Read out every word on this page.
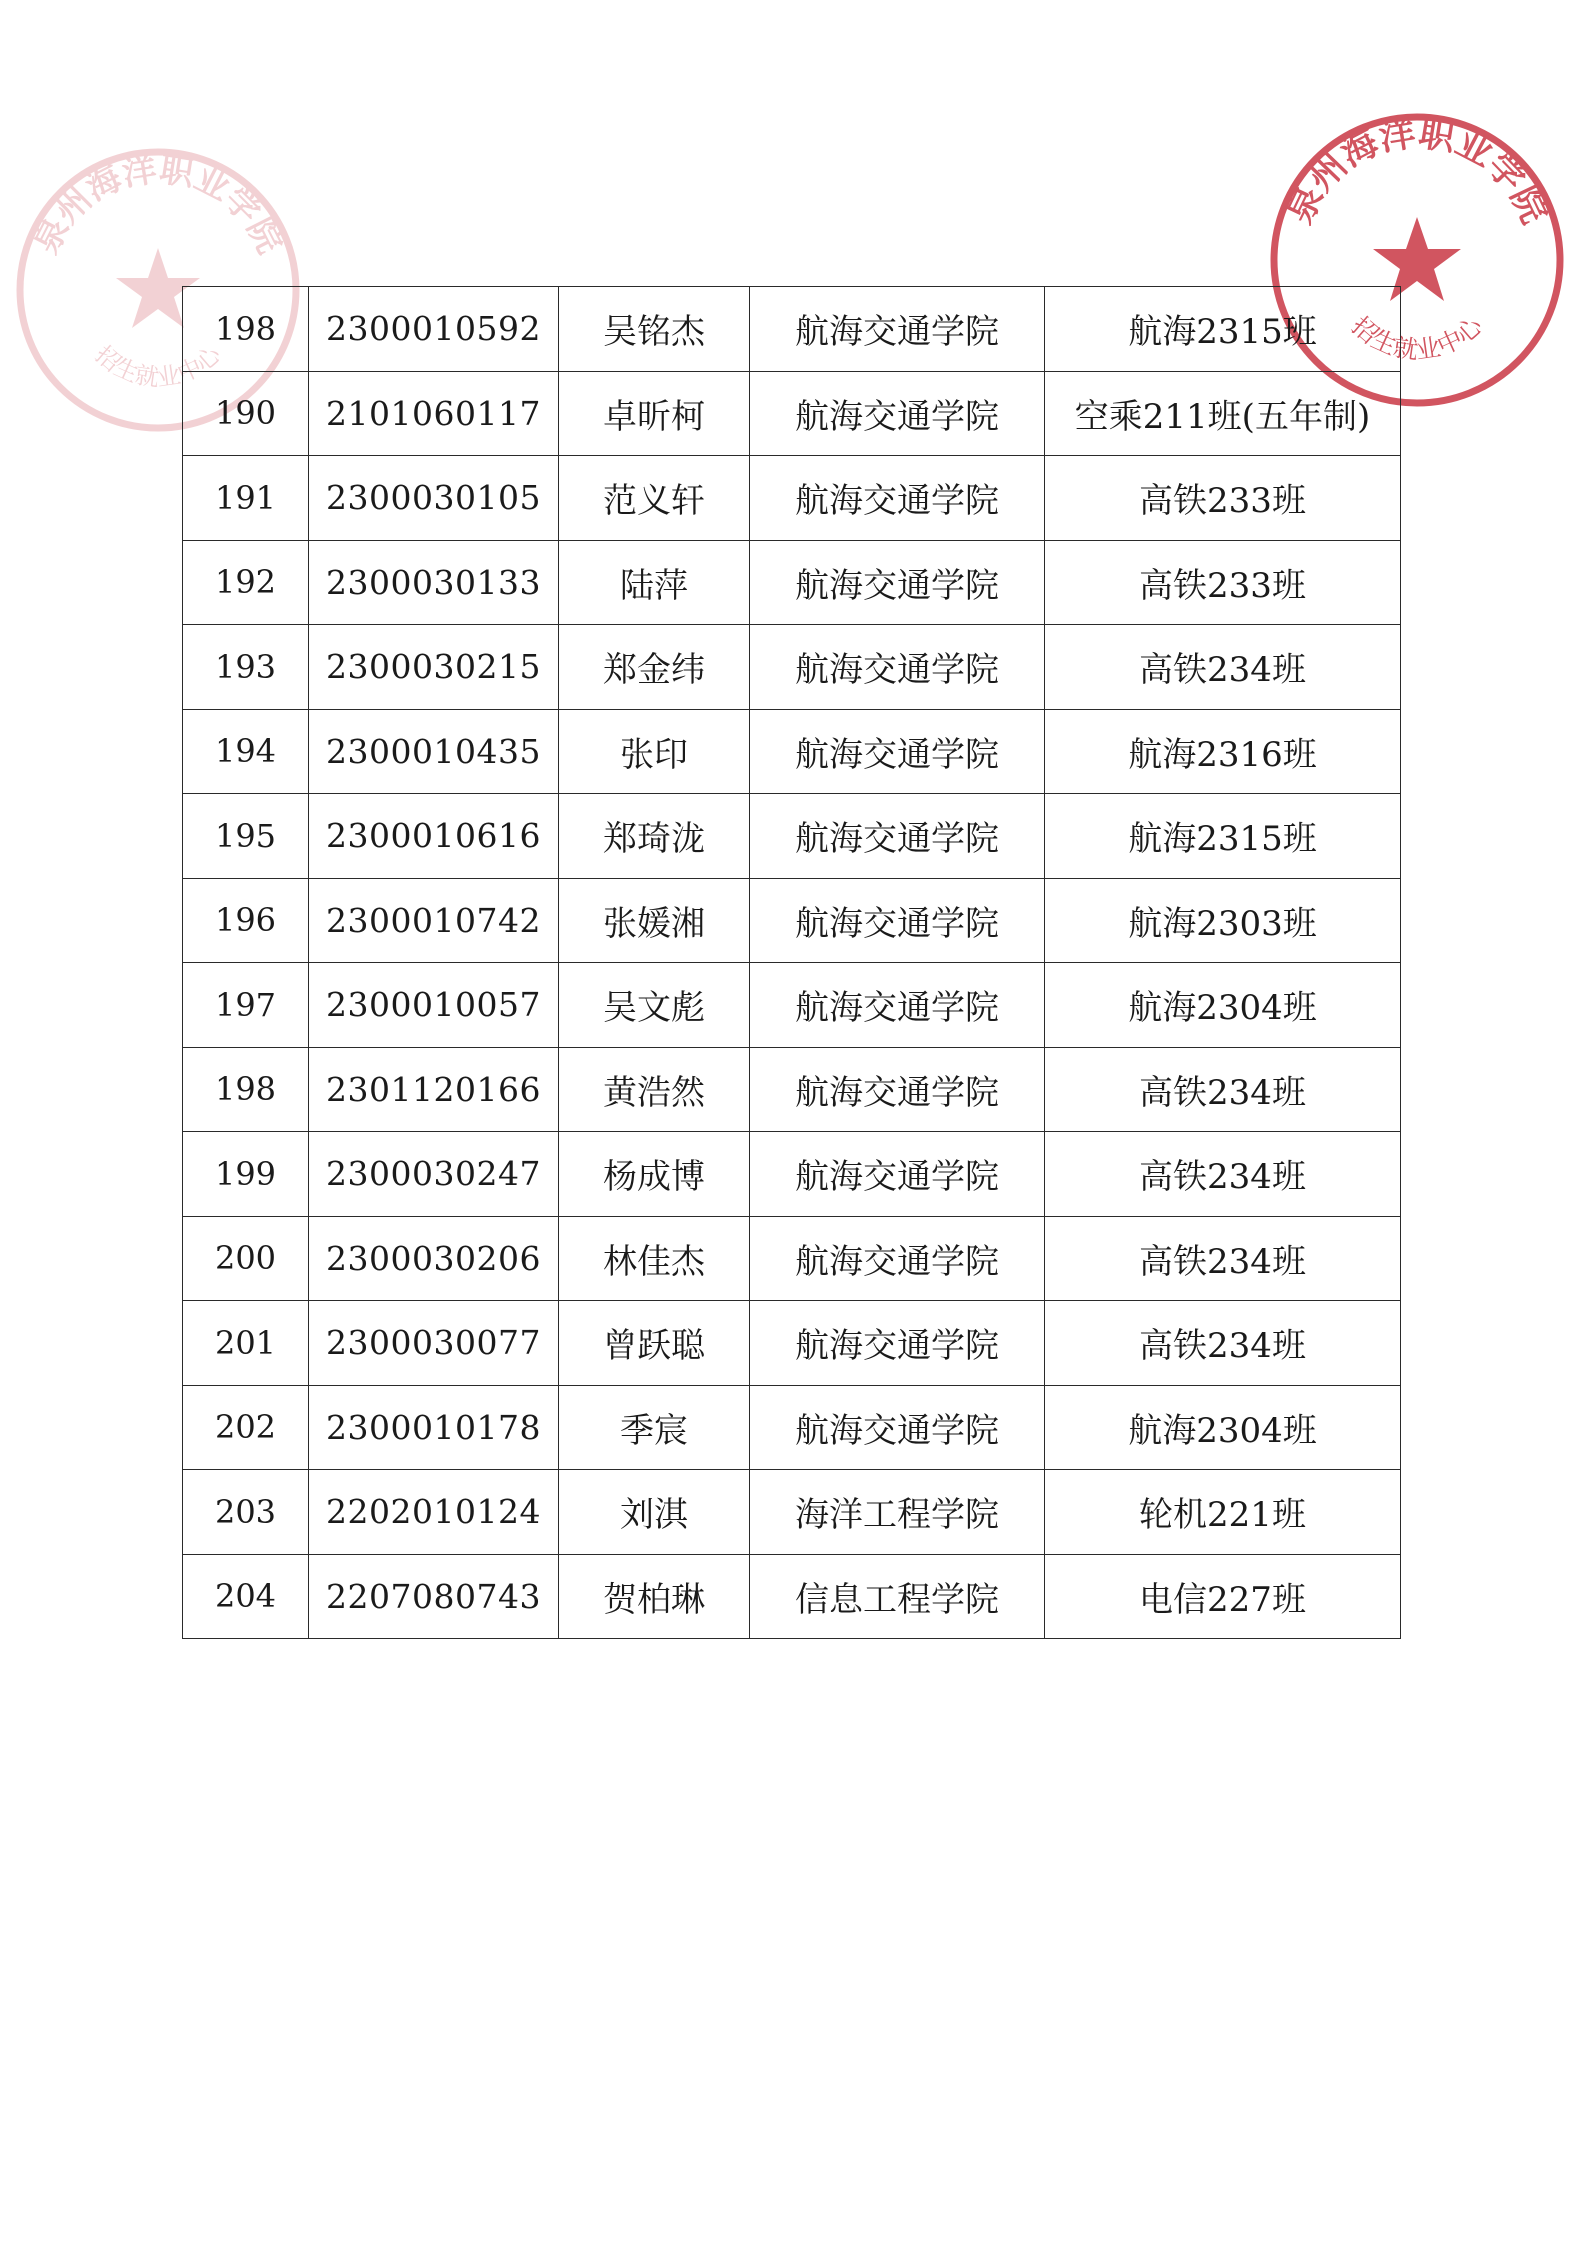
泉州海洋职业学院
招生就业中心
泉州海洋职业学院
招生就业中心
198	2300010592	吴铭杰	航海交通学院	航海2315班
190	2101060117	卓昕柯	航海交通学院	空乘211班(五年制)
191	2300030105	范义轩	航海交通学院	高铁233班
192	2300030133	陆萍	航海交通学院	高铁233班
193	2300030215	郑金纬	航海交通学院	高铁234班
194	2300010435	张印	航海交通学院	航海2316班
195	2300010616	郑琦泷	航海交通学院	航海2315班
196	2300010742	张媛湘	航海交通学院	航海2303班
197	2300010057	吴文彪	航海交通学院	航海2304班
198	2301120166	黄浩然	航海交通学院	高铁234班
199	2300030247	杨成博	航海交通学院	高铁234班
200	2300030206	林佳杰	航海交通学院	高铁234班
201	2300030077	曾跃聪	航海交通学院	高铁234班
202	2300010178	季宸	航海交通学院	航海2304班
203	2202010124	刘淇	海洋工程学院	轮机221班
204	2207080743	贺柏琳	信息工程学院	电信227班
